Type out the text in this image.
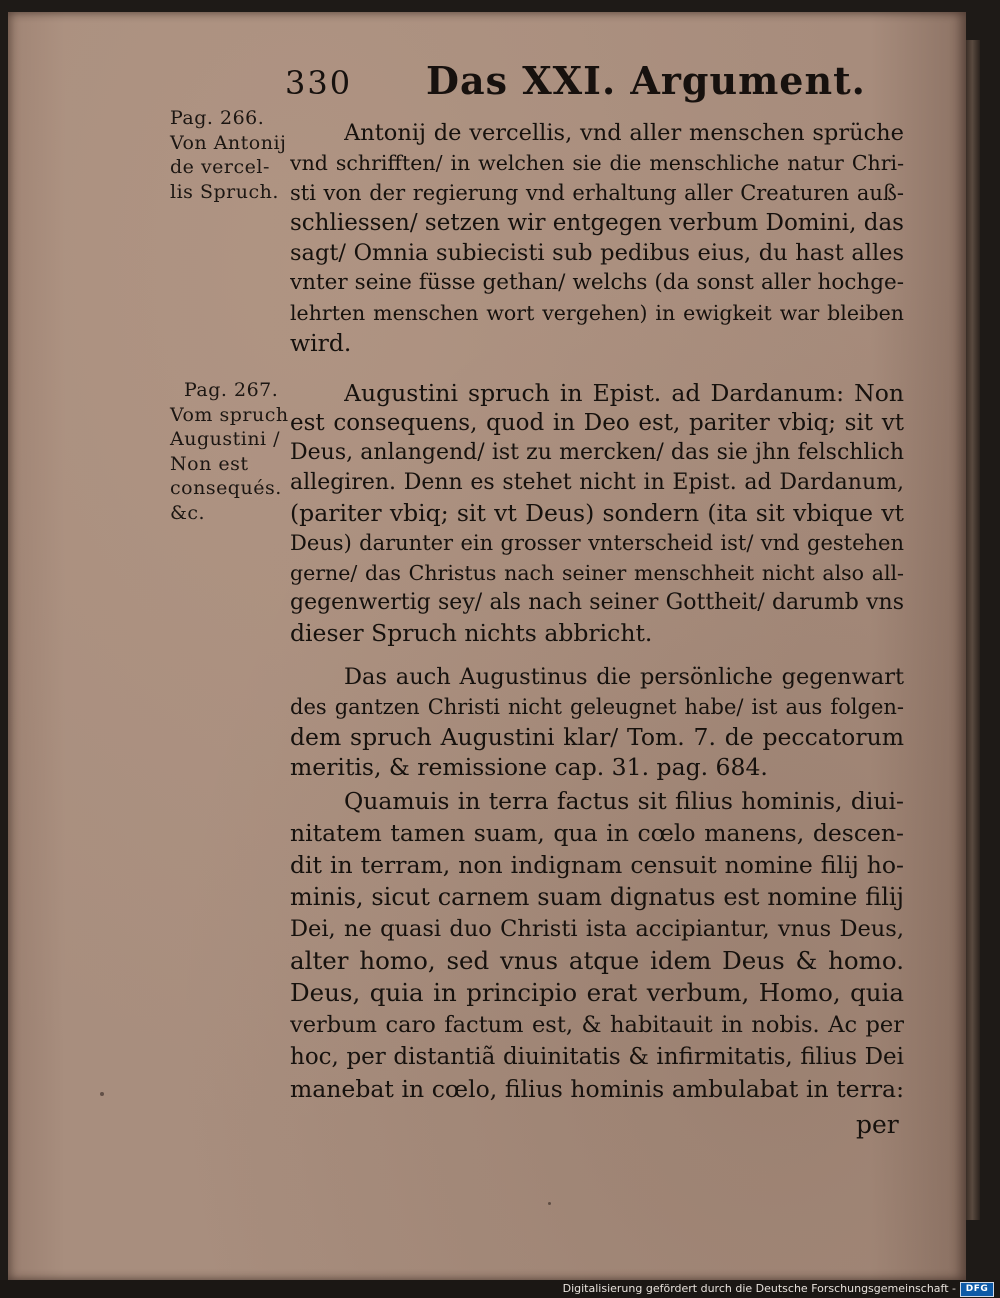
330 Das XXI. Argument.
Pag. 266.
Von Antonij
de vercel-
lis Spruch.
Pag. 267.
Vom spruch
Augustini /
Non est
consequés.
&c.
Antonij de vercellis, vnd aller menschen sprüche
vnd schrifften/ in welchen sie die menschliche natur Chri-
sti von der regierung vnd erhaltung aller Creaturen auß-
schliessen/ setzen wir entgegen verbum Domini, das
sagt/ Omnia subiecisti sub pedibus eius, du hast alles
vnter seine füsse gethan/ welchs (da sonst aller hochge-
lehrten menschen wort vergehen) in ewigkeit war bleiben
wird.
Augustini spruch in Epist. ad Dardanum: Non
est consequens, quod in Deo est, pariter vbiq; sit vt
Deus, anlangend/ ist zu mercken/ das sie jhn felschlich
allegiren. Denn es stehet nicht in Epist. ad Dardanum,
(pariter vbiq; sit vt Deus) sondern (ita sit vbique vt
Deus) darunter ein grosser vnterscheid ist/ vnd gestehen
gerne/ das Christus nach seiner menschheit nicht also all-
gegenwertig sey/ als nach seiner Gottheit/ darumb vns
dieser Spruch nichts abbricht.
Das auch Augustinus die persönliche gegenwart
des gantzen Christi nicht geleugnet habe/ ist aus folgen-
dem spruch Augustini klar/ Tom. 7. de peccatorum
meritis, & remissione cap. 31. pag. 684.
Quamuis in terra factus sit filius hominis, diui-
nitatem tamen suam, qua in cœlo manens, descen-
dit in terram, non indignam censuit nomine filij ho-
minis, sicut carnem suam dignatus est nomine filij
Dei, ne quasi duo Christi ista accipiantur, vnus Deus,
alter homo, sed vnus atque idem Deus & homo.
Deus, quia in principio erat verbum, Homo, quia
verbum caro factum est, & habitauit in nobis. Ac per
hoc, per distantiã diuinitatis & infirmitatis, filius Dei
manebat in cœlo, filius hominis ambulabat in terra:
per
Digitalisierung gefördert durch die Deutsche Forschungsgemeinschaft -	DFG
